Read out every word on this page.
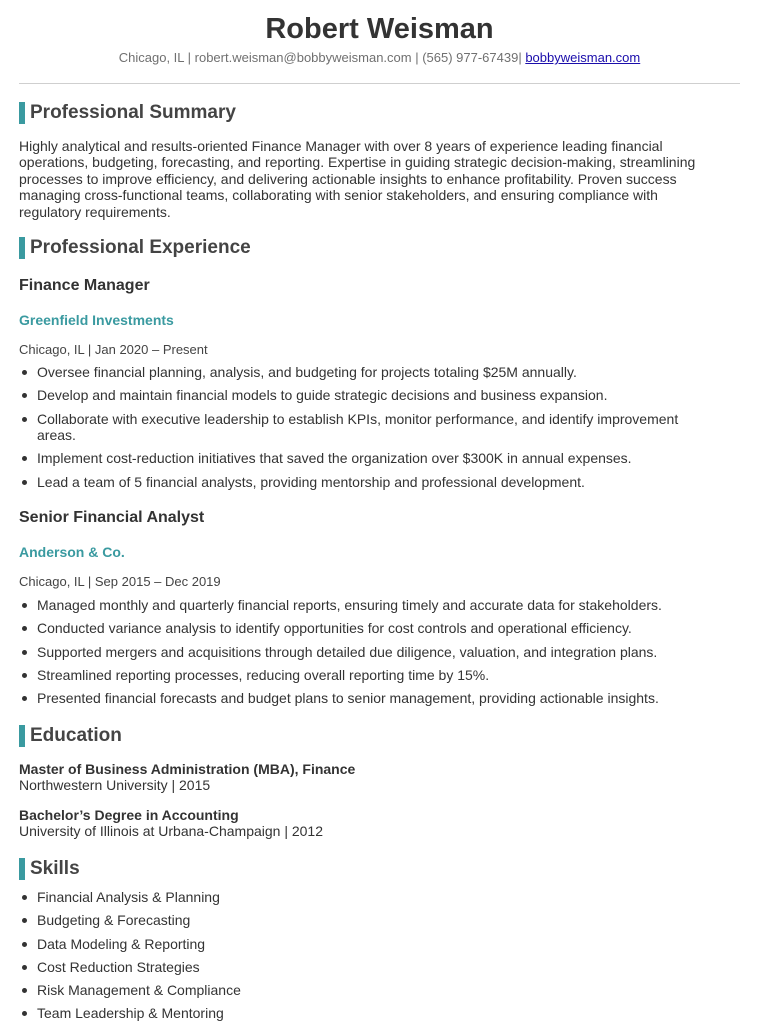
Robert Weisman
Chicago, IL | robert.weisman@bobbyweisman.com | (565) 977-67439| bobbyweisman.com
Professional Summary
Highly analytical and results-oriented Finance Manager with over 8 years of experience leading financial operations, budgeting, forecasting, and reporting. Expertise in guiding strategic decision-making, streamlining processes to improve efficiency, and delivering actionable insights to enhance profitability. Proven success managing cross-functional teams, collaborating with senior stakeholders, and ensuring compliance with regulatory requirements.
Professional Experience
Finance Manager
Greenfield Investments
Chicago, IL | Jan 2020 – Present
Oversee financial planning, analysis, and budgeting for projects totaling $25M annually.
Develop and maintain financial models to guide strategic decisions and business expansion.
Collaborate with executive leadership to establish KPIs, monitor performance, and identify improvement areas.
Implement cost-reduction initiatives that saved the organization over $300K in annual expenses.
Lead a team of 5 financial analysts, providing mentorship and professional development.
Senior Financial Analyst
Anderson & Co.
Chicago, IL | Sep 2015 – Dec 2019
Managed monthly and quarterly financial reports, ensuring timely and accurate data for stakeholders.
Conducted variance analysis to identify opportunities for cost controls and operational efficiency.
Supported mergers and acquisitions through detailed due diligence, valuation, and integration plans.
Streamlined reporting processes, reducing overall reporting time by 15%.
Presented financial forecasts and budget plans to senior management, providing actionable insights.
Education
Master of Business Administration (MBA), Finance
Northwestern University | 2015
Bachelor’s Degree in Accounting
University of Illinois at Urbana-Champaign | 2012
Skills
Financial Analysis & Planning
Budgeting & Forecasting
Data Modeling & Reporting
Cost Reduction Strategies
Risk Management & Compliance
Team Leadership & Mentoring
